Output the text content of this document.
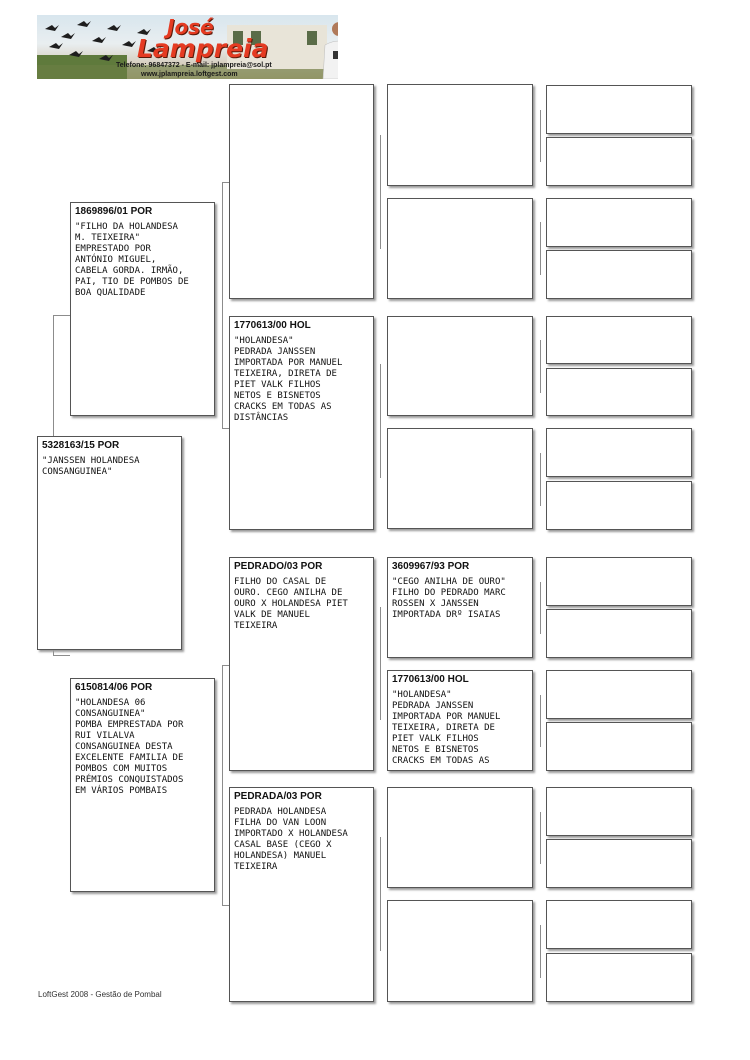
José
Lampreia
Telefone: 96847372 - E-mail: jplampreia@sol.pt
www.jplampreia.loftgest.com
5328163/15 POR
"JANSSEN HOLANDESA
CONSANGUINEA"
1869896/01 POR
"FILHO DA HOLANDESA
M. TEIXEIRA"
EMPRESTADO POR
ANTÓNIO MIGUEL,
CABELA GORDA. IRMÃO,
PAI, TIO DE POMBOS DE
BOA QUALIDADE
6150814/06 POR
"HOLANDESA 06
CONSANGUINEA"
POMBA EMPRESTADA POR
RUI VILALVA
CONSANGUINEA DESTA
EXCELENTE FAMILIA DE
POMBOS COM MUITOS
PRÉMIOS CONQUISTADOS
EM VÁRIOS POMBAIS
1770613/00 HOL
"HOLANDESA"
PEDRADA JANSSEN
IMPORTADA POR MANUEL
TEIXEIRA, DIRETA DE
PIET VALK FILHOS
NETOS E BISNETOS
CRACKS EM TODAS AS
DISTÂNCIAS
PEDRADO/03 POR
FILHO DO CASAL DE
OURO. CEGO ANILHA DE
OURO X HOLANDESA PIET
VALK DE MANUEL
TEIXEIRA
PEDRADA/03 POR
PEDRADA HOLANDESA
FILHA DO VAN LOON
IMPORTADO X HOLANDESA
CASAL BASE (CEGO X
HOLANDESA) MANUEL
TEIXEIRA
3609967/93 POR
"CEGO ANILHA DE OURO"
FILHO DO PEDRADO MARC
ROSSEN X JANSSEN
IMPORTADA DRº ISAIAS
1770613/00 HOL
"HOLANDESA"
PEDRADA JANSSEN
IMPORTADA POR MANUEL
TEIXEIRA, DIRETA DE
PIET VALK FILHOS
NETOS E BISNETOS
CRACKS EM TODAS AS
LoftGest 2008 - Gestão de Pombal
